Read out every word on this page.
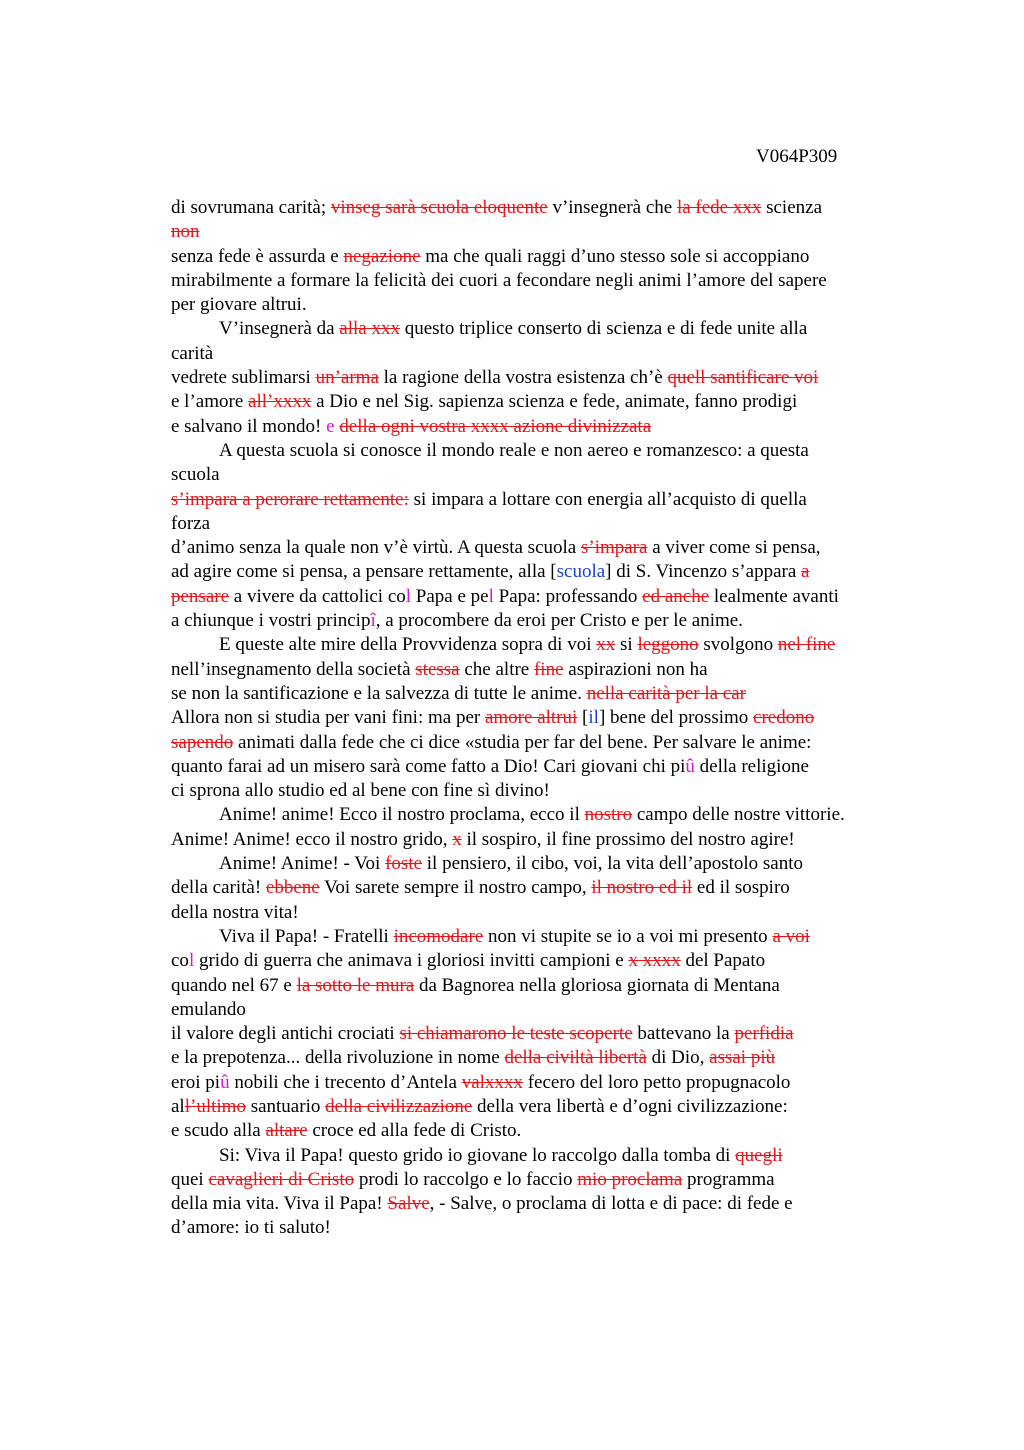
V064P309
di sovrumana carità; vinseg sarà scuola eloquente v’insegnerà che la fede xxx scienza
non
senza fede è assurda e negazione ma che quali raggi d’uno stesso sole si accoppiano
mirabilmente a formare la felicità dei cuori a fecondare negli animi l’amore del sapere
per giovare altrui.
V’insegnerà da alla xxx questo triplice conserto di scienza e di fede unite alla
carità
vedrete sublimarsi un’arma la ragione della vostra esistenza ch’è quell santificare voi
e l’amore all’xxxx a Dio e nel Sig. sapienza scienza e fede, animate, fanno prodigi
e salvano il mondo! e della ogni vostra xxxx azione divinizzata
A questa scuola si conosce il mondo reale e non aereo e romanzesco: a questa
scuola
s’impara a perorare rettamente: si impara a lottare con energia all’acquisto di quella
forza
d’animo senza la quale non v’è virtù. A questa scuola s’impara a viver come si pensa,
ad agire come si pensa, a pensare rettamente, alla [scuola] di S. Vincenzo s’appara a
pensare a vivere da cattolici col Papa e pel Papa: professando ed anche lealmente avanti
a chiunque i vostri principî, a procombere da eroi per Cristo e per le anime.
E queste alte mire della Provvidenza sopra di voi xx si leggono svolgono nel fine
nell’insegnamento della società stessa che altre fine aspirazioni non ha
se non la santificazione e la salvezza di tutte le anime. nella carità per la car
Allora non si studia per vani fini: ma per amore altrui [il] bene del prossimo credono
sapendo animati dalla fede che ci dice «studia per far del bene. Per salvare le anime:
quanto farai ad un misero sarà come fatto a Dio! Cari giovani chi piû della religione
ci sprona allo studio ed al bene con fine sì divino!
Anime! anime! Ecco il nostro proclama, ecco il nostro campo delle nostre vittorie.
Anime! Anime! ecco il nostro grido, x il sospiro, il fine prossimo del nostro agire!
Anime! Anime! - Voi foste il pensiero, il cibo, voi, la vita dell’apostolo santo
della carità! ebbene Voi sarete sempre il nostro campo, il nostro ed il ed il sospiro
della nostra vita!
Viva il Papa! - Fratelli incomodare non vi stupite se io a voi mi presento a voi
col grido di guerra che animava i gloriosi invitti campioni e x xxxx del Papato
quando nel 67 e la sotto le mura da Bagnorea nella gloriosa giornata di Mentana
emulando
il valore degli antichi crociati si chiamarono le teste scoperte battevano la perfidia
e la prepotenza... della rivoluzione in nome della civiltà libertà di Dio, assai più
eroi piû nobili che i trecento d’Antela valxxxx fecero del loro petto propugnacolo
all’ultimo santuario della civilizzazione della vera libertà e d’ogni civilizzazione:
e scudo alla altare croce ed alla fede di Cristo.
Si: Viva il Papa! questo grido io giovane lo raccolgo dalla tomba di quegli
quei cavaglieri di Cristo prodi lo raccolgo e lo faccio mio proclama programma
della mia vita. Viva il Papa! Salve, - Salve, o proclama di lotta e di pace: di fede e
d’amore: io ti saluto!
